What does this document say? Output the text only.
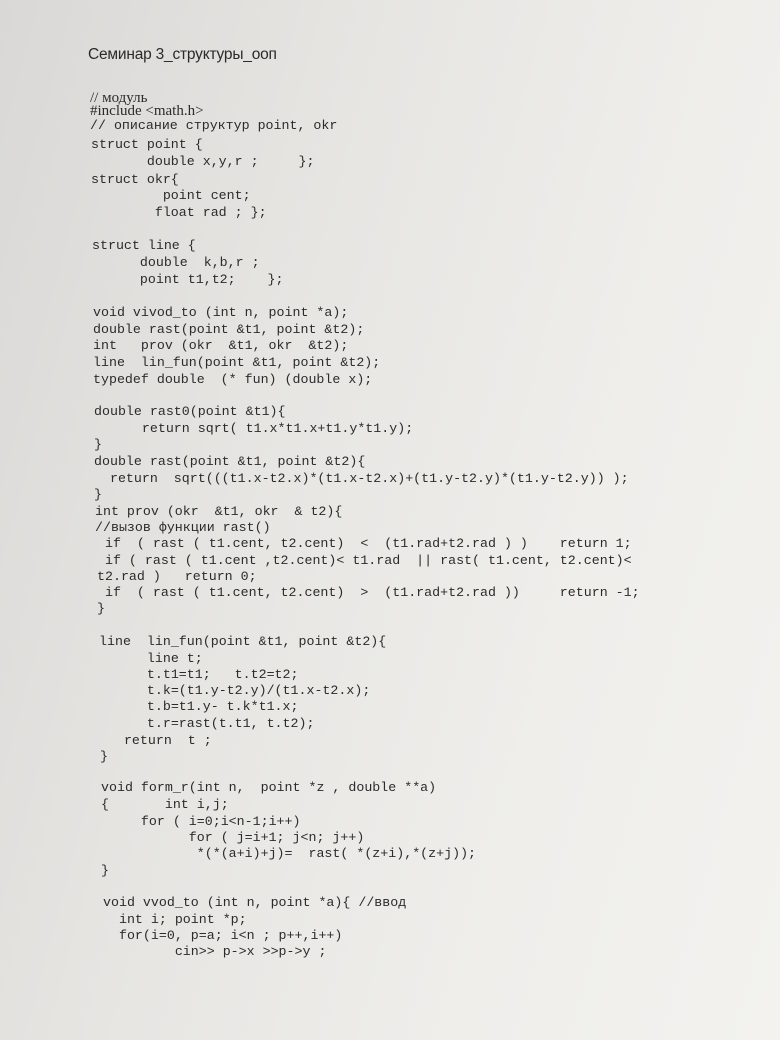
Семинар 3_структуры_ооп
// модуль
#include <math.h>
// описание структур point, okr
struct point {
double x,y,r ;     };
struct okr{
point cent;
float rad ; };
struct line {
double  k,b,r ;
point t1,t2;    };
void vivod_to (int n, point *a);
double rast(point &t1, point &t2);
int   prov (okr  &t1, okr  &t2);
line  lin_fun(point &t1, point &t2);
typedef double  (* fun) (double x);
double rast0(point &t1){
return sqrt( t1.x*t1.x+t1.y*t1.y);
}
double rast(point &t1, point &t2){
return  sqrt(((t1.x-t2.x)*(t1.x-t2.x)+(t1.y-t2.y)*(t1.y-t2.y)) );
}
int prov (okr  &t1, okr  & t2){
//вызов функции rast()
if  ( rast ( t1.cent, t2.cent)  <  (t1.rad+t2.rad ) )    return 1;
if ( rast ( t1.cent ,t2.cent)< t1.rad  || rast( t1.cent, t2.cent)<
t2.rad )   return 0;
if  ( rast ( t1.cent, t2.cent)  >  (t1.rad+t2.rad ))     return -1;
}
line  lin_fun(point &t1, point &t2){
line t;
t.t1=t1;   t.t2=t2;
t.k=(t1.y-t2.y)/(t1.x-t2.x);
t.b=t1.y- t.k*t1.x;
t.r=rast(t.t1, t.t2);
return  t ;
}
void form_r(int n,  point *z , double **a)
{       int i,j;
for ( i=0;i<n-1;i++)
for ( j=i+1; j<n; j++)
*(*(a+i)+j)=  rast( *(z+i),*(z+j));
}
void vvod_to (int n, point *a){ //ввод
int i; point *p;
for(i=0, p=a; i<n ; p++,i++)
cin>> p->x >>p->y ;
